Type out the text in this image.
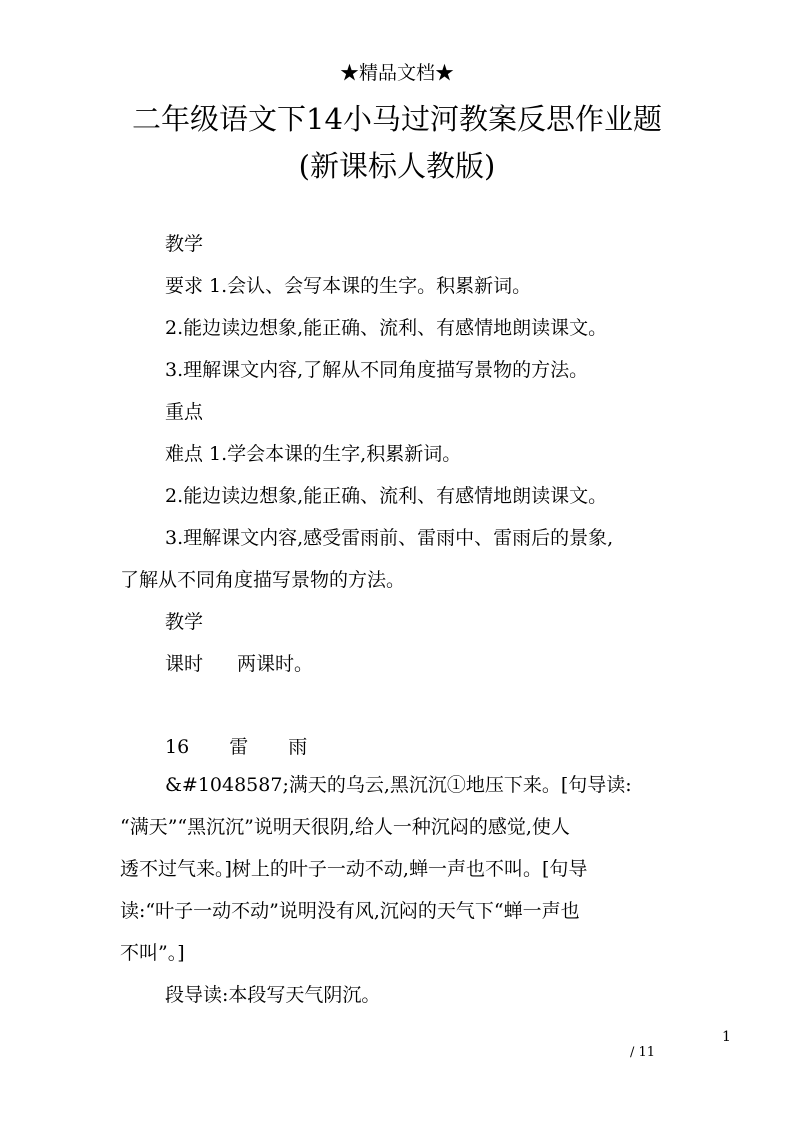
★精品文档★
二年级语文下14小马过河教案反思作业题
(新课标人教版)
教学
要求 1.会认、会写本课的生字。积累新词。
2.能边读边想象,能正确、流利、有感情地朗读课文。
3.理解课文内容,了解从不同角度描写景物的方法。
重点
难点 1.学会本课的生字,积累新词。
2.能边读边想象,能正确、流利、有感情地朗读课文。
3.理解课文内容,感受雷雨前、雷雨中、雷雨后的景象,
了解从不同角度描写景物的方法。
教学
课时 两课时。
16 雷 雨
&#1048587;满天的乌云,黑沉沉①地压下来。[句导读:
“满天”“黑沉沉”说明天很阴,给人一种沉闷的感觉,使人
透不过气来。]树上的叶子一动不动,蝉一声也不叫。[句导
读:“叶子一动不动”说明没有风,沉闷的天气下“蝉一声也
不叫”。]
段导读:本段写天气阴沉。
1
/ 11
